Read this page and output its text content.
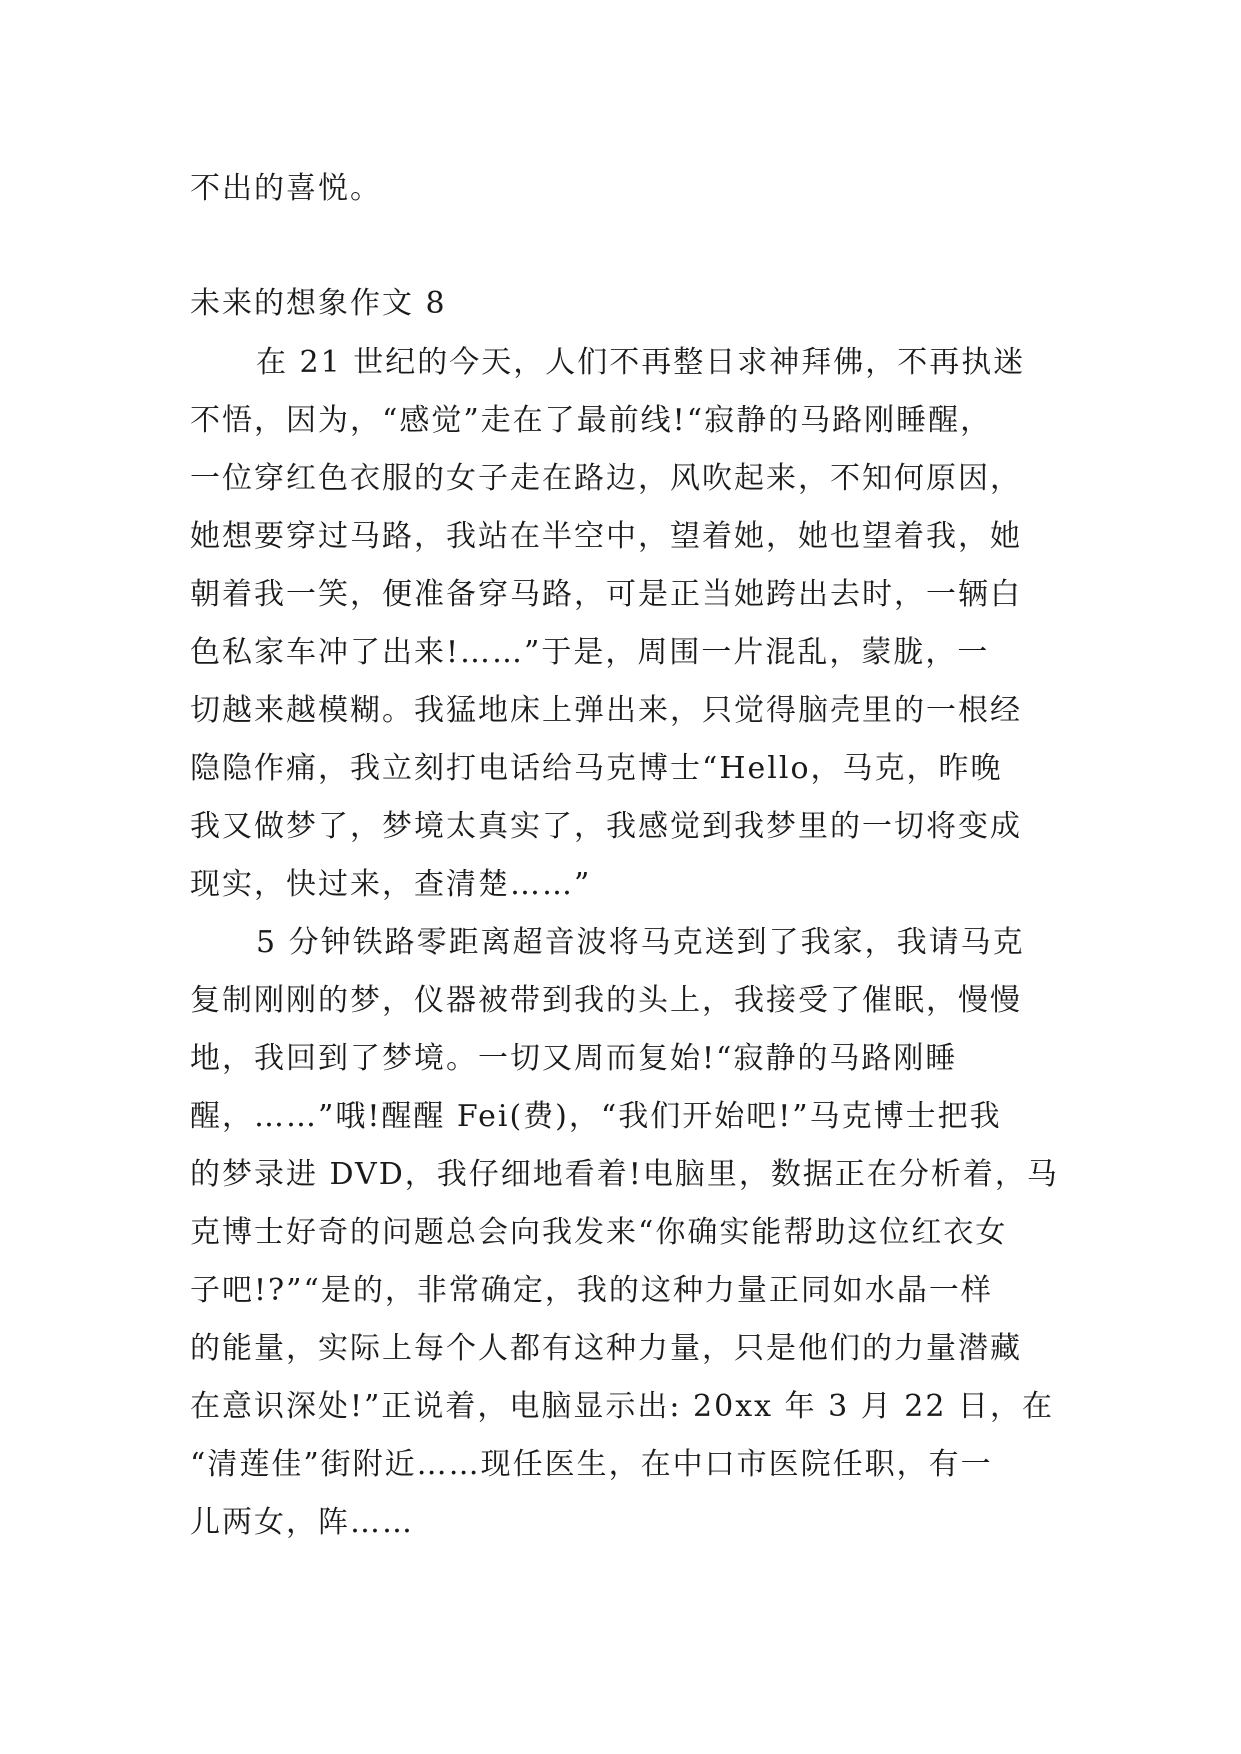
不出的喜悦。
未来的想象作文 8
在 21 世纪的今天，人们不再整日求神拜佛，不再执迷
不悟，因为，“感觉”走在了最前线!“寂静的马路刚睡醒，
一位穿红色衣服的女子走在路边，风吹起来，不知何原因，
她想要穿过马路，我站在半空中，望着她，她也望着我，她
朝着我一笑，便准备穿马路，可是正当她跨出去时，一辆白
色私家车冲了出来!……”于是，周围一片混乱，蒙胧，一
切越来越模糊。我猛地床上弹出来，只觉得脑壳里的一根经
隐隐作痛，我立刻打电话给马克博士“Hello，马克，昨晚
我又做梦了，梦境太真实了，我感觉到我梦里的一切将变成
现实，快过来，查清楚……”
5 分钟铁路零距离超音波将马克送到了我家，我请马克
复制刚刚的梦，仪器被带到我的头上，我接受了催眠，慢慢
地，我回到了梦境。一切又周而复始!“寂静的马路刚睡
醒，……”哦!醒醒 Fei(费)，“我们开始吧!”马克博士把我
的梦录进 DVD，我仔细地看着!电脑里，数据正在分析着，马
克博士好奇的问题总会向我发来“你确实能帮助这位红衣女
子吧!?”“是的，非常确定，我的这种力量正同如水晶一样
的能量，实际上每个人都有这种力量，只是他们的力量潜藏
在意识深处!”正说着，电脑显示出: 20xx 年 3 月 22 日，在
“清莲佳”街附近……现任医生，在中口市医院任职，有一
儿两女，阵……
